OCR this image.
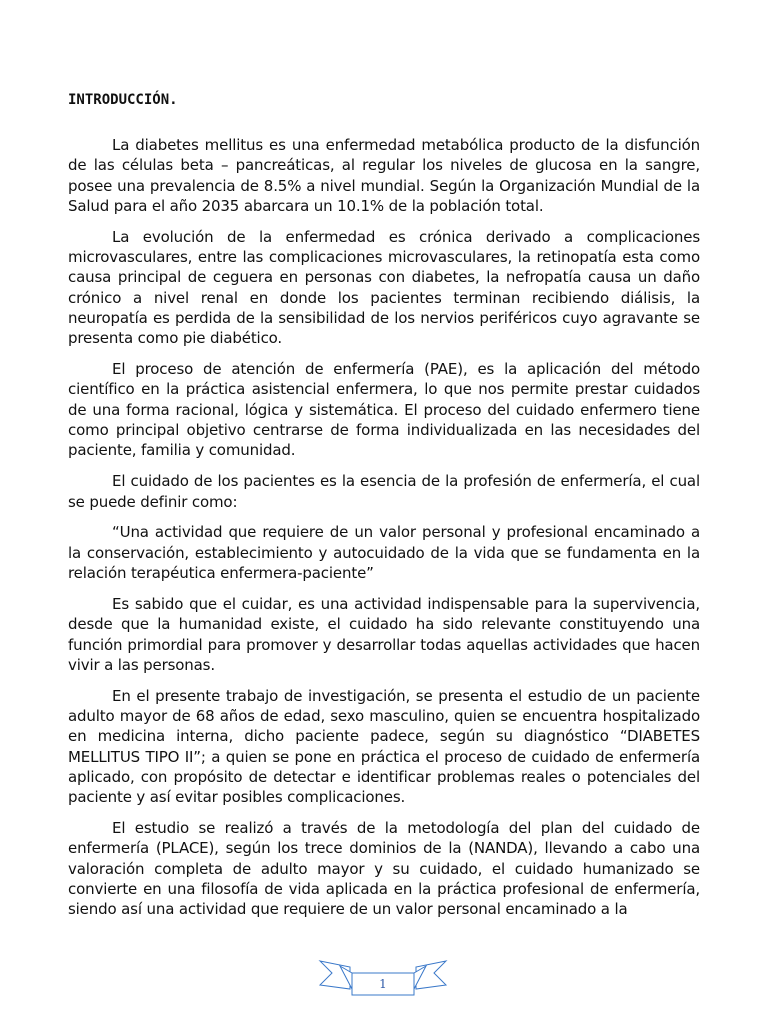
INTRODUCCIÓN.

La diabetes mellitus es una enfermedad metabólica producto de la disfunción de las células beta – pancreáticas, al regular los niveles de glucosa en la sangre, posee una prevalencia de 8.5% a nivel mundial. Según la Organización Mundial de la Salud para el año 2035 abarcara un 10.1% de la población total.

La evolución de la enfermedad es crónica derivado a complicaciones microvasculares, entre las complicaciones microvasculares, la retinopatía esta como causa principal de ceguera en personas con diabetes, la nefropatía causa un daño crónico a nivel renal en donde los pacientes terminan recibiendo diálisis, la neuropatía es perdida de la sensibilidad de los nervios periféricos cuyo agravante se presenta como pie diabético.

El proceso de atención de enfermería (PAE), es la aplicación del método científico en la práctica asistencial enfermera, lo que nos permite prestar cuidados de una forma racional, lógica y sistemática. El proceso del cuidado enfermero tiene como principal objetivo centrarse de forma individualizada en las necesidades del paciente, familia y comunidad.

El cuidado de los pacientes es la esencia de la profesión de enfermería, el cual se puede definir como:

“Una actividad que requiere de un valor personal y profesional encaminado a la conservación, establecimiento y autocuidado de la vida que se fundamenta en la relación terapéutica enfermera-paciente”

Es sabido que el cuidar, es una actividad indispensable para la supervivencia, desde que la humanidad existe, el cuidado ha sido relevante constituyendo una función primordial para promover y desarrollar todas aquellas actividades que hacen vivir a las personas.

En el presente trabajo de investigación, se presenta el estudio de un paciente adulto mayor de 68 años de edad, sexo masculino, quien se encuentra hospitalizado en medicina interna, dicho paciente padece, según su diagnóstico “DIABETES MELLITUS TIPO II”; a quien se pone en práctica el proceso de cuidado de enfermería aplicado, con propósito de detectar e identificar problemas reales o potenciales del paciente y así evitar posibles complicaciones.

El estudio se realizó a través de la metodología del plan del cuidado de enfermería (PLACE), según los trece dominios de la (NANDA), llevando a cabo una valoración completa de adulto mayor y su cuidado, el cuidado humanizado se convierte en una filosofía de vida aplicada en la práctica profesional de enfermería, siendo así una actividad que requiere de un valor personal encaminado a la

1
